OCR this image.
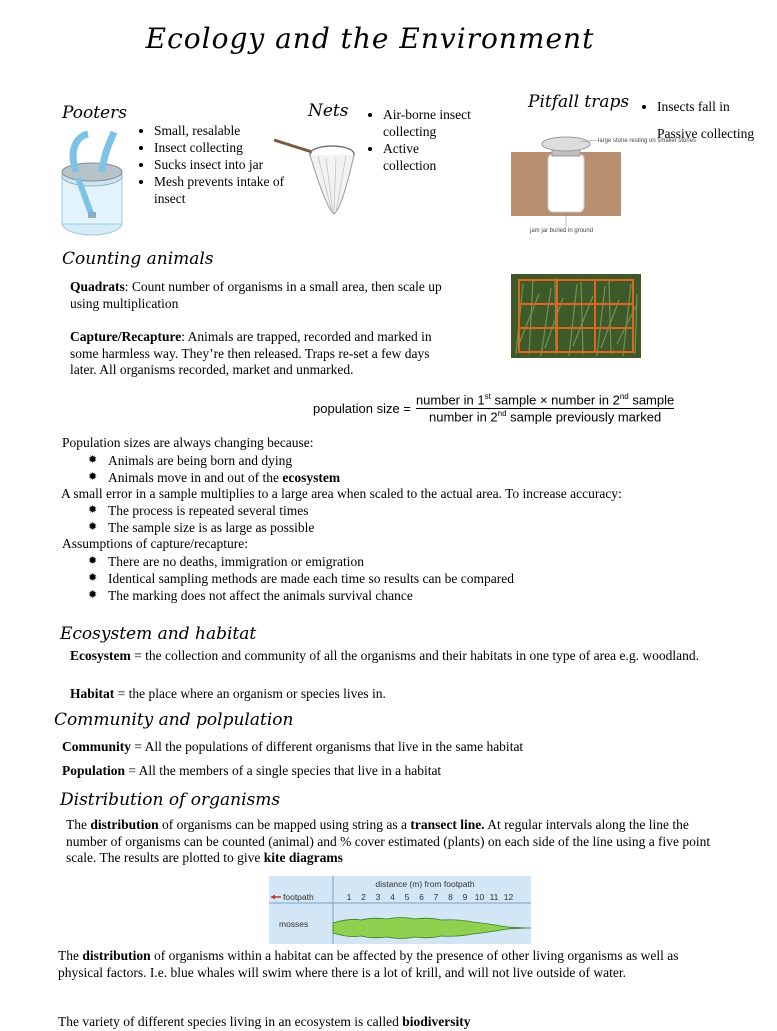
Ecology and the Environment
Pooters
• Small, resalable
• Insect collecting
• Sucks insect into jar
• Mesh prevents intake of insect
Nets
•	Air-borne insect collecting
• Active collection
Pitfall traps
large stone resting on smaller stones
jam jar buried in ground
• Insects fall in
Passive collecting
Counting animals

Quadrats: Count number of organisms in a small area, then scale up using multiplication

Capture/Recapture: Animals are trapped, recorded and marked in some harmless way. They’re then released. Traps re-set a few days later. All organisms recorded, market and unmarked.

population size = $\frac{number in 1^{st} sample \times number in 2^{nd} sample}{number in 2^{nd} sample previously marked}$

Population sizes are always changing because:

✹ Animals are being born and dying
✹ Animals move in and out of the ecosystem

A small error in a sample multiplies to a large area when scaled to the actual area. To increase accuracy:

✹ The process is repeated several times
✹ The sample size is as large as possible

Assumptions of capture/recapture:

✹ There are no deaths, immigration or emigration
✹ Identical sampling methods are made each time so results can be compared
✹ The marking does not affect the animals survival chance
Ecosystem and habitat

Ecosystem = the collection and community of all the organisms and their habitats in one type of area e.g. woodland.

Habitat = the place where an organism or species lives in.

Community and polpulation

Community = All the populations of different organisms that live in the same habitat

Population = All the members of a single species that live in a habitat

Distribution of organisms

The distribution of organisms can be mapped using string as a transect line. At regular intervals along the line the number of organisms can be counted (animal) and % cover estimated (plants) on each side of the line using a five point scale. The results are plotted to give kite diagrams

distance (m) from footpath
footpath	1 2 3 4 5 6 7 8 9 10 11 12
mosses

The distribution of organisms within a habitat can be affected by the presence of other living organisms as well as physical factors. I.e. blue whales will swim where there is a lot of krill, and will not live outside of water.

The variety of different species living in an ecosystem is called biodiversity
